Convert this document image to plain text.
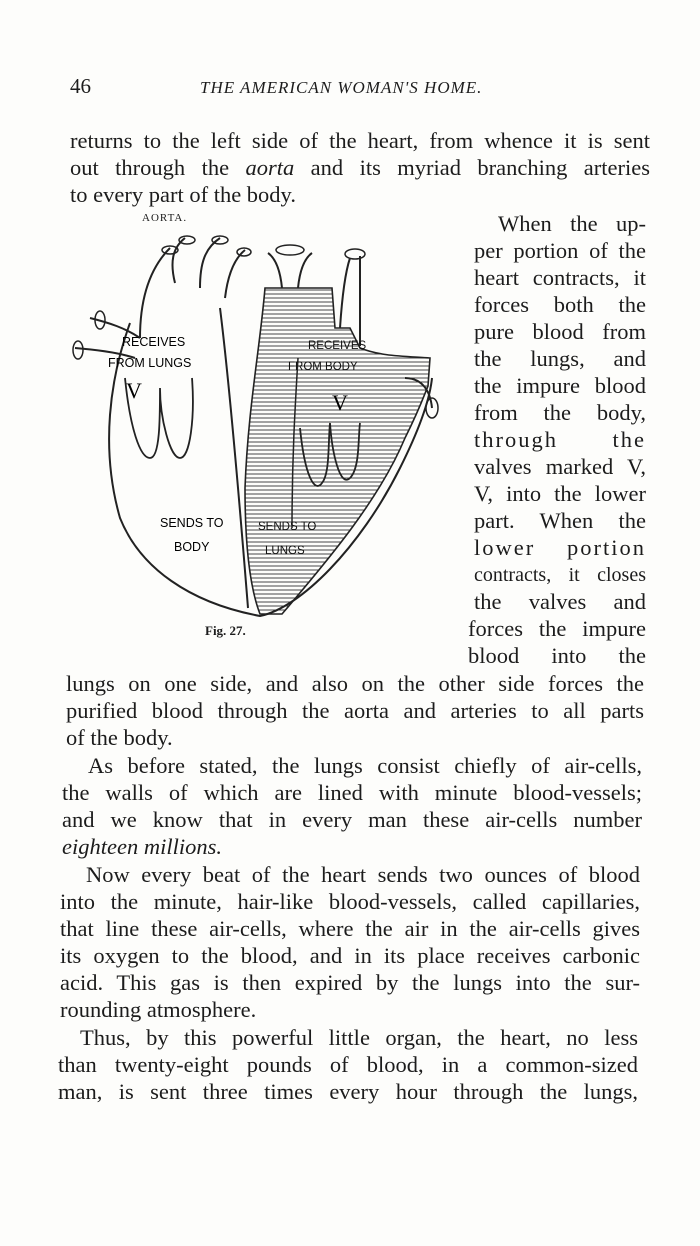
46	THE AMERICAN WOMAN'S HOME.
returns to the left side of the heart, from whence it is sent
out through the aorta and its myriad branching arteries
to every part of the body.
AORTA.
RECEIVES
FROM LUNGS
V
SENDS TO
BODY
RECEIVES
FROM BODY
V
SENDS TO
LUNGS
Fig. 27.
When the up-
per portion of the
heart contracts, it
forces both the
pure blood from
the lungs, and
the impure blood
from the body,
through the
valves marked V,
V, into the lower
part. When the
lower portion
contracts, it closes
the valves and
forces the impure
blood into the
lungs on one side, and also on the other side forces the
purified blood through the aorta and arteries to all parts
of the body.
As before stated, the lungs consist chiefly of air-cells,
the walls of which are lined with minute blood-vessels;
and we know that in every man these air-cells number
eighteen millions.
Now every beat of the heart sends two ounces of blood
into the minute, hair-like blood-vessels, called capillaries,
that line these air-cells, where the air in the air-cells gives
its oxygen to the blood, and in its place receives carbonic
acid. This gas is then expired by the lungs into the sur-
rounding atmosphere.
Thus, by this powerful little organ, the heart, no less
than twenty-eight pounds of blood, in a common-sized
man, is sent three times every hour through the lungs,
